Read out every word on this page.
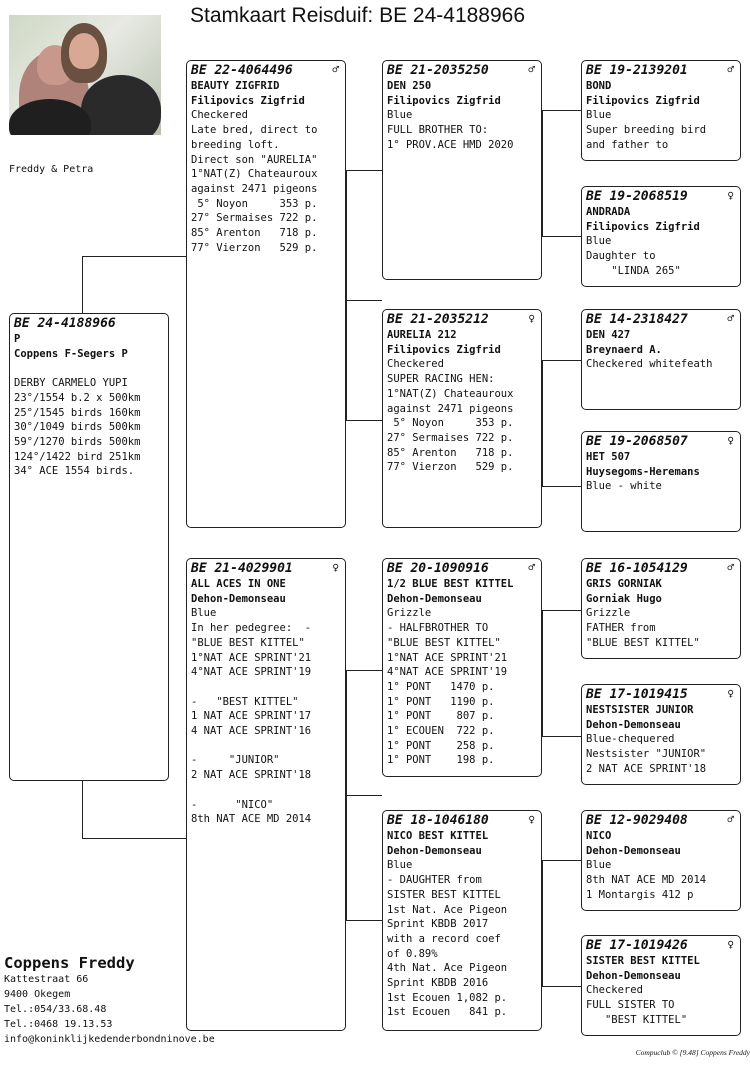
Stamkaart Reisduif: BE 24-4188966
Freddy & Petra
BE 24-4188966
P
Coppens F-Segers P

DERBY CARMELO YUPI
23°/1554 b.2 x 500km
25°/1545 birds 160km
30°/1049 birds 500km
59°/1270 birds 500km
124°/1422 bird 251km
34° ACE 1554 birds.
BE 22-4064496	♂
BEAUTY ZIGFRID
Filipovics Zigfrid
Checkered
Late bred, direct to
breeding loft.
Direct son "AURELIA"
1°NAT(Z) Chateauroux
against 2471 pigeons
5° Noyon     353 p.
27° Sermaises 722 p.
85° Arenton   718 p.
77° Vierzon   529 p.
BE 21-4029901	♀
ALL ACES IN ONE
Dehon-Demonseau
Blue
In her pedegree:  -
"BLUE BEST KITTEL"
1°NAT ACE SPRINT'21
4°NAT ACE SPRINT'19

-   "BEST KITTEL"
1 NAT ACE SPRINT'17
4 NAT ACE SPRINT'16

-     "JUNIOR"
2 NAT ACE SPRINT'18

-      "NICO"
8th NAT ACE MD 2014
BE 21-2035250	♂
DEN 250
Filipovics Zigfrid
Blue
FULL BROTHER TO:
1° PROV.ACE HMD 2020
BE 21-2035212	♀
AURELIA 212
Filipovics Zigfrid
Checkered
SUPER RACING HEN:
1°NAT(Z) Chateauroux
against 2471 pigeons
5° Noyon     353 p.
27° Sermaises 722 p.
85° Arenton   718 p.
77° Vierzon   529 p.
BE 20-1090916	♂
1/2 BLUE BEST KITTEL
Dehon-Demonseau
Grizzle
- HALFBROTHER TO
"BLUE BEST KITTEL"
1°NAT ACE SPRINT'21
4°NAT ACE SPRINT'19
1° PONT   1470 p.
1° PONT   1190 p.
1° PONT    807 p.
1° ECOUEN  722 p.
1° PONT    258 p.
1° PONT    198 p.
BE 18-1046180	♀
NICO BEST KITTEL
Dehon-Demonseau
Blue
- DAUGHTER from
SISTER BEST KITTEL
1st Nat. Ace Pigeon
Sprint KBDB 2017
with a record coef
of 0.89%
4th Nat. Ace Pigeon
Sprint KBDB 2016
1st Ecouen 1,082 p.
1st Ecouen   841 p.
BE 19-2139201	♂
BOND
Filipovics Zigfrid
Blue
Super breeding bird
and father to
BE 19-2068519	♀
ANDRADA
Filipovics Zigfrid
Blue
Daughter to
"LINDA 265"
BE 14-2318427	♂
DEN 427
Breynaerd A.
Checkered whitefeath
BE 19-2068507	♀
HET 507
Huysegoms-Heremans
Blue - white
BE 16-1054129	♂
GRIS GORNIAK
Gorniak Hugo
Grizzle
FATHER from
"BLUE BEST KITTEL"
BE 17-1019415	♀
NESTSISTER JUNIOR
Dehon-Demonseau
Blue-chequered
Nestsister "JUNIOR"
2 NAT ACE SPRINT'18
BE 12-9029408	♂
NICO
Dehon-Demonseau
Blue
8th NAT ACE MD 2014
1 Montargis 412 p
BE 17-1019426	♀
SISTER BEST KITTEL
Dehon-Demonseau
Checkered
FULL SISTER TO
"BEST KITTEL"
Coppens Freddy
Kattestraat 66
9400 Okegem
Tel.:054/33.68.48
Tel.:0468 19.13.53
info@koninklijkedenderbondninove.be
Compuclub © [9.48] Coppens Freddy
